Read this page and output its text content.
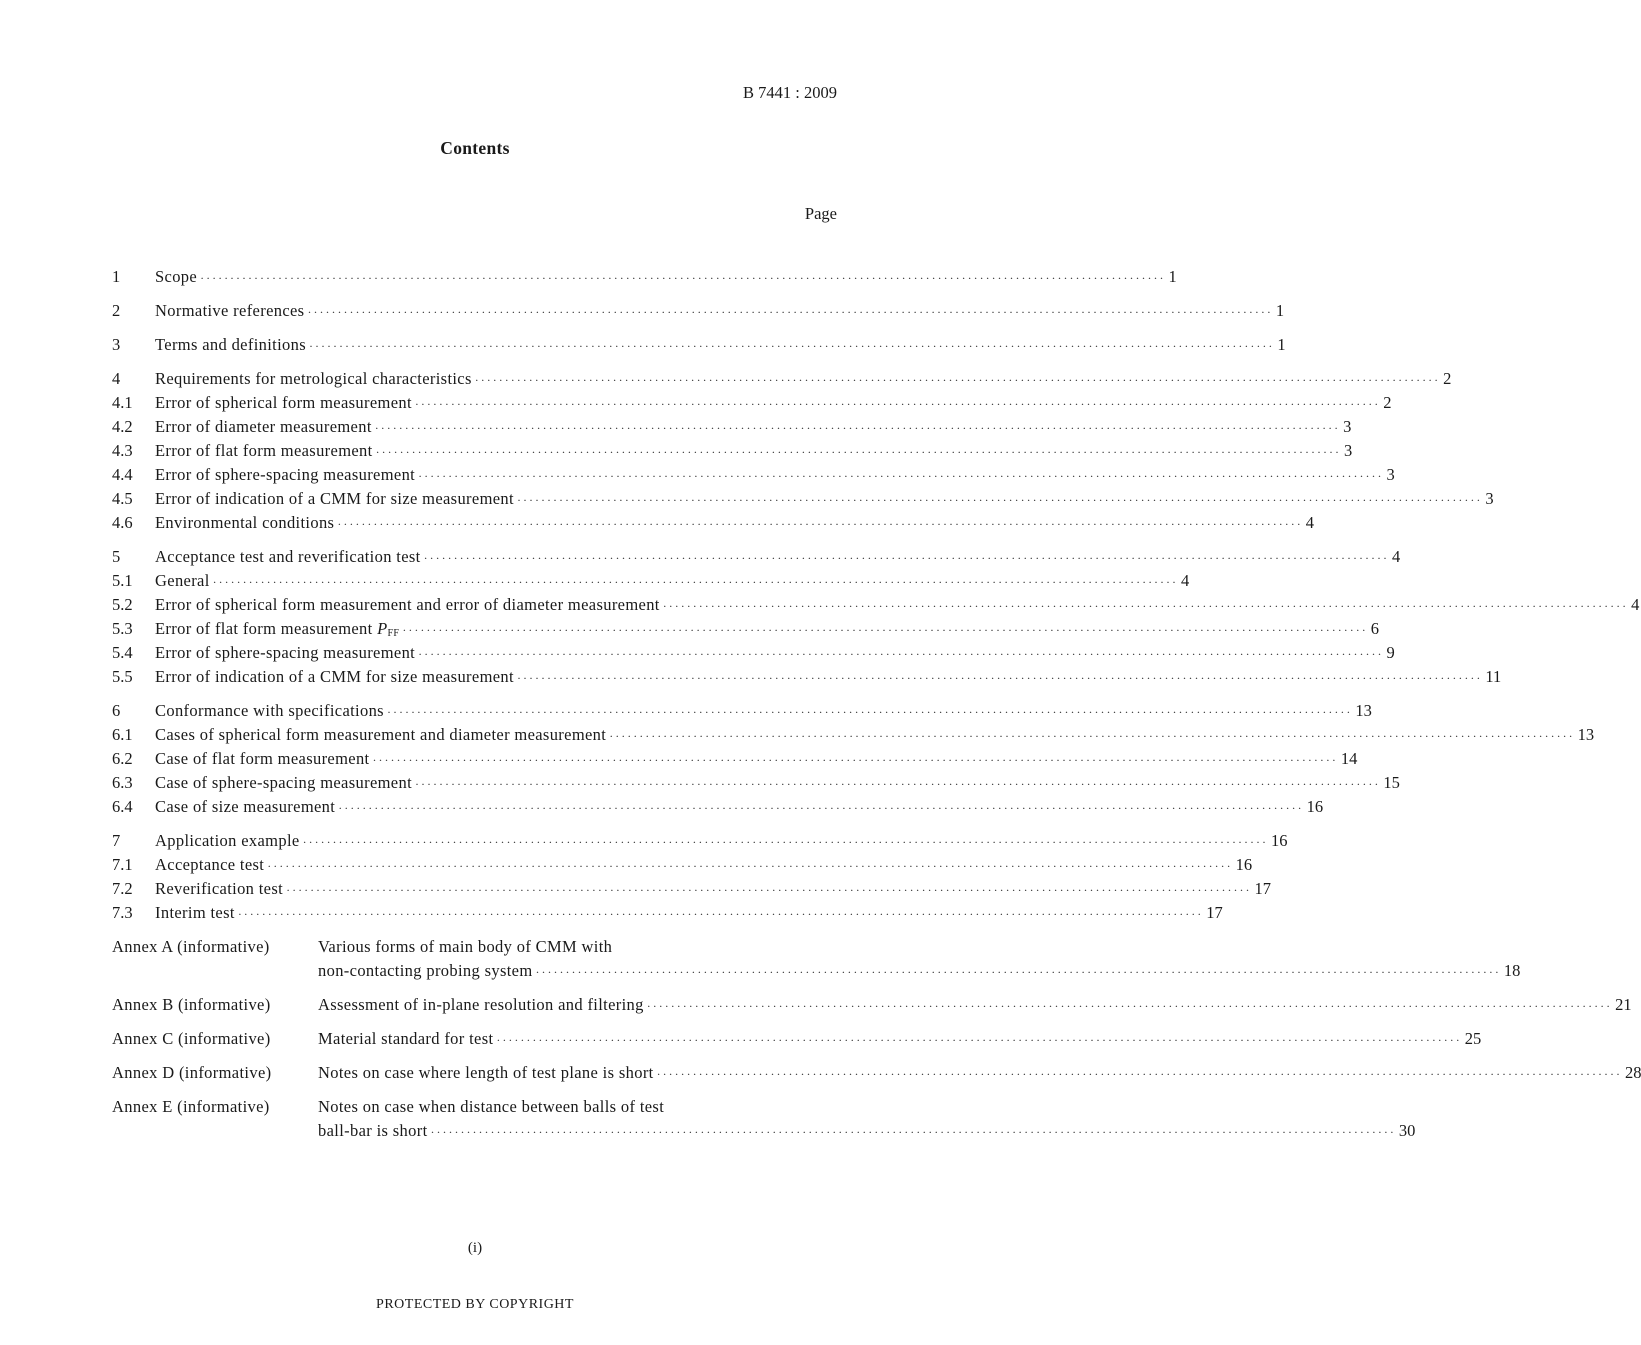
B 7441 : 2009
Contents
Page
1	Scope ·····	1
2	Normative references ·····	1
3	Terms and definitions ·····	1
4	Requirements for metrological characteristics ·····	2
4.1	Error of spherical form measurement ·····	2
4.2	Error of diameter measurement ·····	3
4.3	Error of flat form measurement ·····	3
4.4	Error of sphere-spacing measurement ·····	3
4.5	Error of indication of a CMM for size measurement ·····	3
4.6	Environmental conditions ·····	4
5	Acceptance test and reverification test ·····	4
5.1	General ·····	4
5.2	Error of spherical form measurement and error of diameter measurement ·····	4
5.3	Error of flat form measurement $P_{FF}$ ·····	6
5.4	Error of sphere-spacing measurement ·····	9
5.5	Error of indication of a CMM for size measurement ·····	11
6	Conformance with specifications ·····	13
6.1	Cases of spherical form measurement and diameter measurement ·····	13
6.2	Case of flat form measurement ·····	14
6.3	Case of sphere-spacing measurement ·····	15
6.4	Case of size measurement ·····	16
7	Application example ·····	16
7.1	Acceptance test ·····	16
7.2	Reverification test ·····	17
7.3	Interim test ·····	17
Annex A (informative)	Various forms of main body of CMM with
non-contacting probing system ·····	18
Annex B (informative)	Assessment of in-plane resolution and filtering ·····	21
Annex C (informative)	Material standard for test ·····	25
Annex D (informative)	Notes on case where length of test plane is short ·····	28
Annex E (informative)	Notes on case when distance between balls of test
ball-bar is short ·····	30
(i)
PROTECTED BY COPYRIGHT
